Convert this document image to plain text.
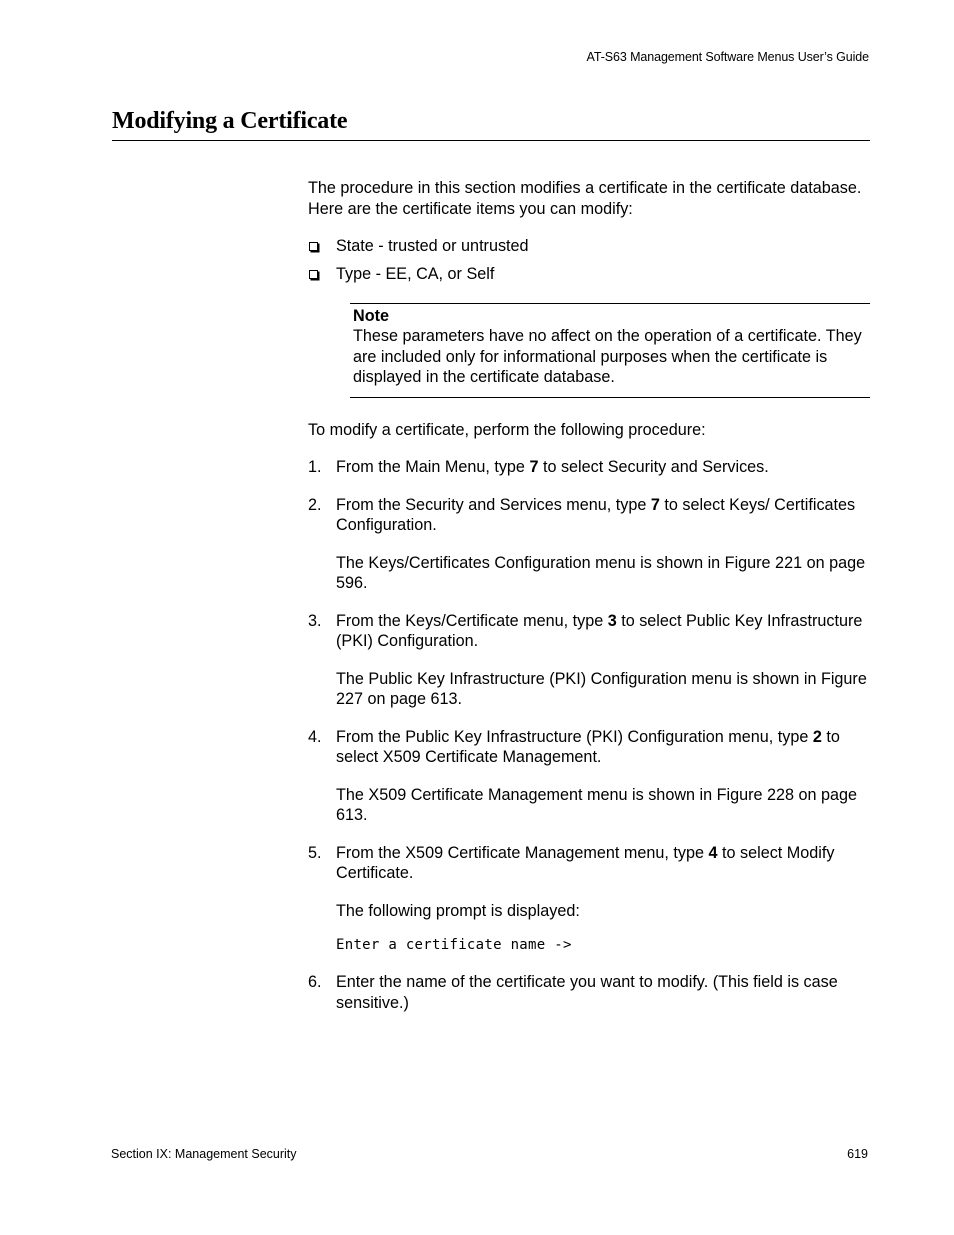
AT-S63 Management Software Menus User’s Guide
Modifying a Certificate

The procedure in this section modifies a certificate in the certificate database. Here are the certificate items you can modify:

State - trusted or untrusted
Type - EE, CA, or Self
Note
These parameters have no affect on the operation of a certificate. They are included only for informational purposes when the certificate is displayed in the certificate database.

To modify a certificate, perform the following procedure:

1. From the Main Menu, type 7 to select Security and Services.
2. From the Security and Services menu, type 7 to select Keys/ Certificates Configuration.
The Keys/Certificates Configuration menu is shown in Figure 221 on page 596.
3. From the Keys/Certificate menu, type 3 to select Public Key Infrastructure (PKI) Configuration.
The Public Key Infrastructure (PKI) Configuration menu is shown in Figure 227 on page 613.
4. From the Public Key Infrastructure (PKI) Configuration menu, type 2 to select X509 Certificate Management.
The X509 Certificate Management menu is shown in Figure 228 on page 613.
5. From the X509 Certificate Management menu, type 4 to select Modify Certificate.
The following prompt is displayed:
Enter a certificate name ->
6. Enter the name of the certificate you want to modify. (This field is case sensitive.)
Section IX: Management Security	619
